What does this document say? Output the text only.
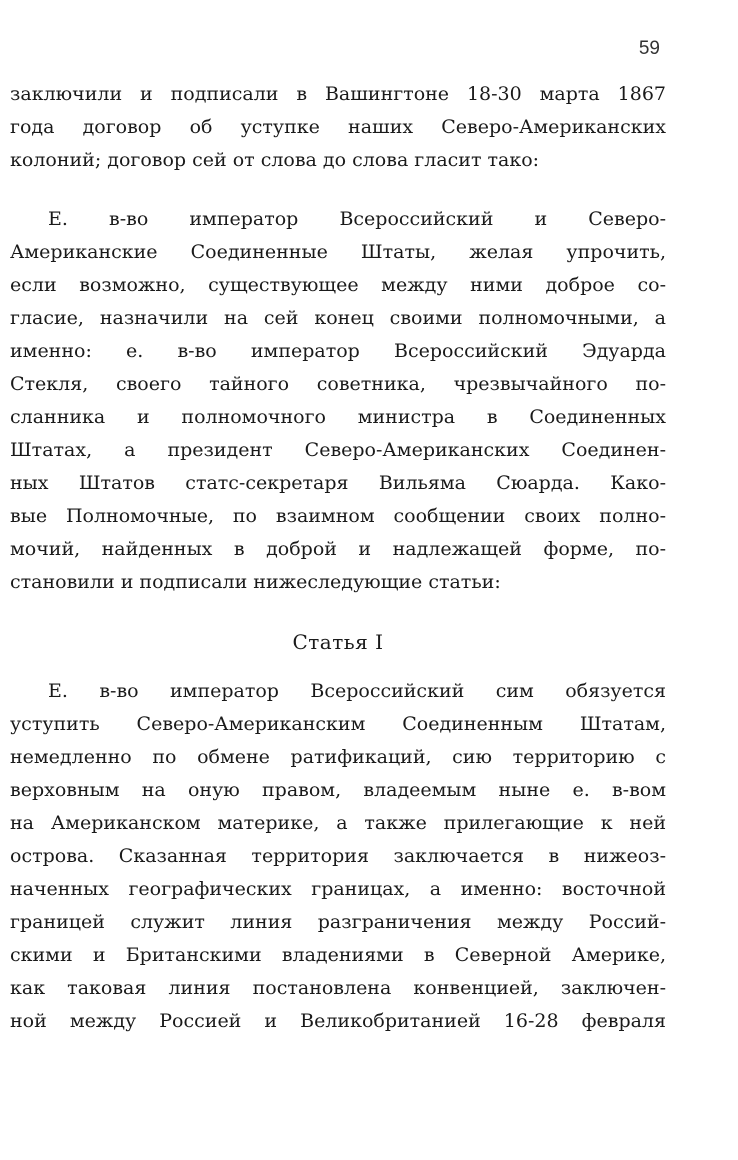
59
заключили и подписали в Вашингтоне 18-30 марта 1867
года договор об уступке наших Северо-Американских
колоний; договор сей от слова до слова гласит тако:
Е. в-во император Всероссийский и Северо-
Американские Соединенные Штаты, желая упрочить,
если возможно, существующее между ними доброе со-
гласие, назначили на сей конец своими полномочными, а
именно: е. в-во император Всероссийский Эдуарда
Стекля, своего тайного советника, чрезвычайного по-
сланника и полномочного министра в Соединенных
Штатах, а президент Северо-Американских Соединен-
ных Штатов статс-секретаря Вильяма Сюарда. Како-
вые Полномочные, по взаимном сообщении своих полно-
мочий, найденных в доброй и надлежащей форме, по-
становили и подписали нижеследующие статьи:
Статья I
Е. в-во император Всероссийский сим обязуется
уступить Северо-Американским Соединенным Штатам,
немедленно по обмене ратификаций, сию территорию с
верховным на оную правом, владеемым ныне е. в-вом
на Американском материке, а также прилегающие к ней
острова. Сказанная территория заключается в нижеоз-
наченных географических границах, а именно: восточной
границей служит линия разграничения между Россий-
скими и Британскими владениями в Северной Америке,
как таковая линия постановлена конвенцией, заключен-
ной между Россией и Великобританией 16-28 февраля
